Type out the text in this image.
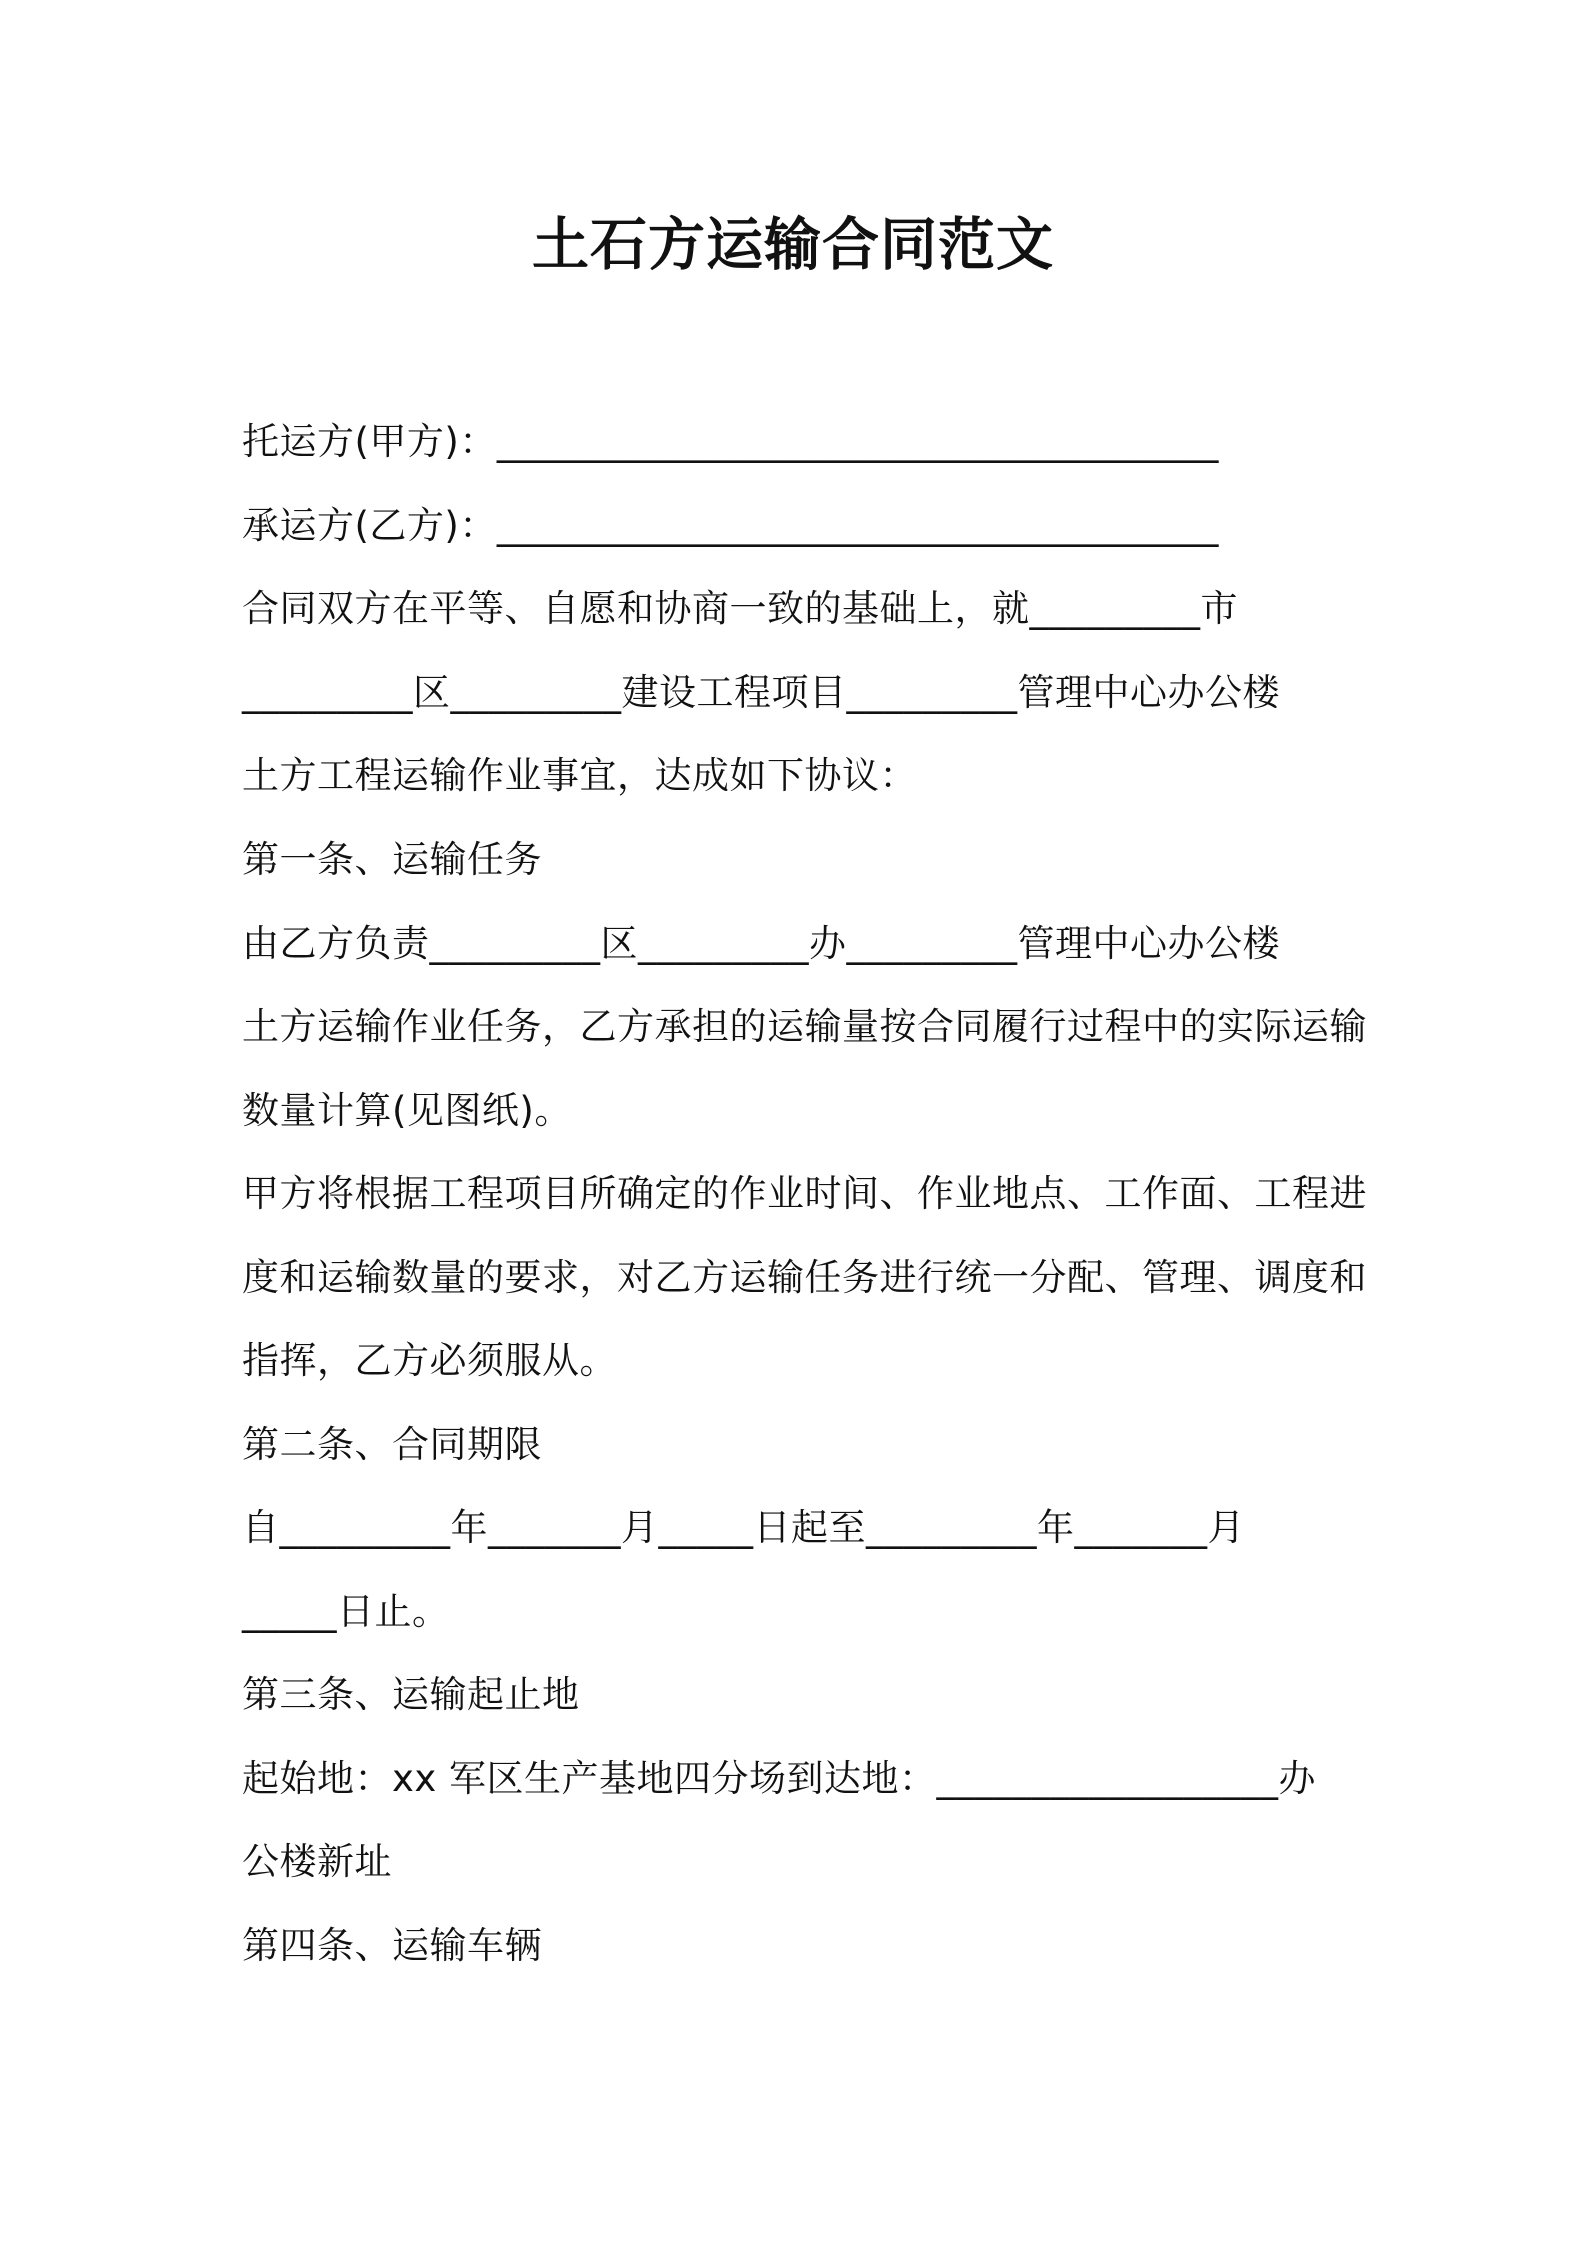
土石方运输合同范文
托运方(甲方)：______________________________________
承运方(乙方)：______________________________________
合同双方在平等、自愿和协商一致的基础上，就_________市
_________区_________建设工程项目_________管理中心办公楼
土方工程运输作业事宜，达成如下协议：
第一条、运输任务
由乙方负责_________区_________办_________管理中心办公楼
土方运输作业任务，乙方承担的运输量按合同履行过程中的实际运输
数量计算(见图纸)。
甲方将根据工程项目所确定的作业时间、作业地点、工作面、工程进
度和运输数量的要求，对乙方运输任务进行统一分配、管理、调度和
指挥，乙方必须服从。
第二条、合同期限
自_________年_______月_____日起至_________年_______月
_____日止。
第三条、运输起止地
起始地：xx 军区生产基地四分场到达地：__________________办
公楼新址
第四条、运输车辆
